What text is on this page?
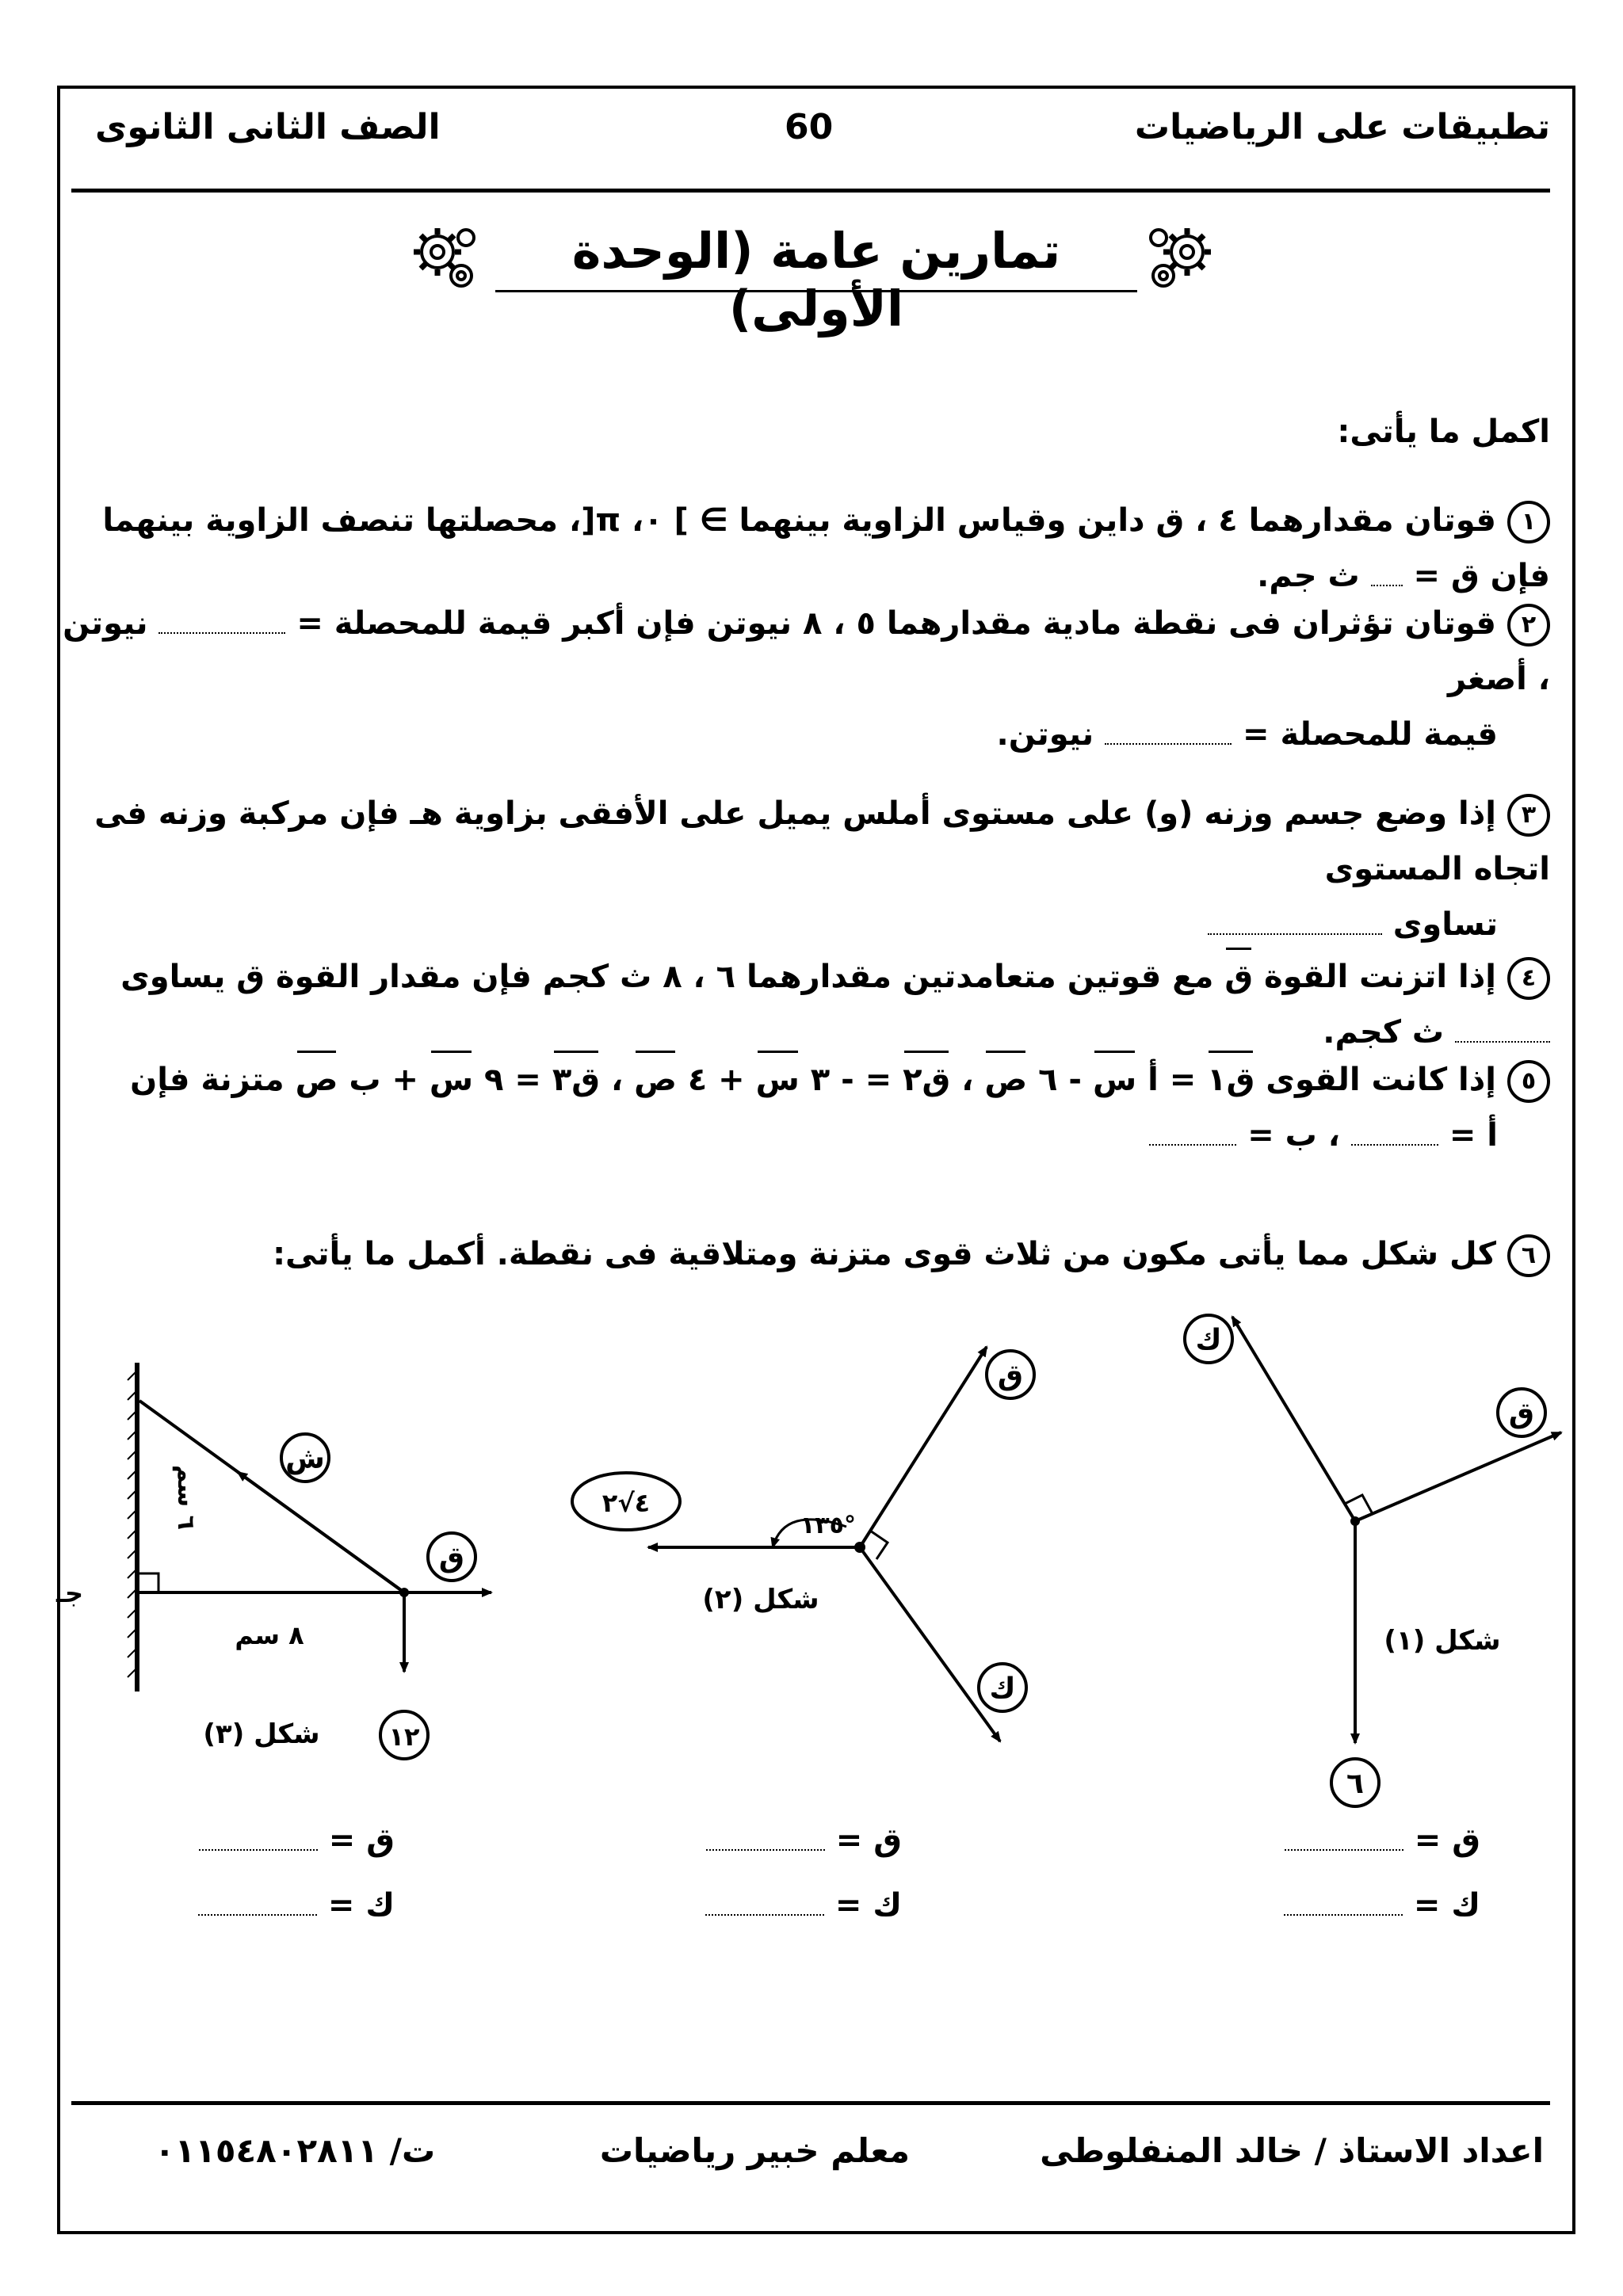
تطبيقات على الرياضيات
60
الصف الثانى الثانوى
تمارين عامة (الوحدة الأولى)
اكمل ما يأتى:
١قوتان مقدارهما ٤ ، ق داين وقياس الزاوية بينهما ∋ ] ٠، π[، محصلتها تنصف الزاوية بينهما فإن ق =  ث جم.
٢قوتان تؤثران فى نقطة مادية مقدارهما ٥ ، ٨ نيوتن فإن أكبر قيمة للمحصلة =  نيوتن ، أصغر
قيمة للمحصلة =  نيوتن.
٣إذا وضع جسم وزنه (و) على مستوى أملس يميل على الأفقى بزاوية هـ فإن مركبة وزنه فى اتجاه المستوى
تساوى
٤إذا اتزنت القوة ق مع قوتين متعامدتين مقدارهما ٦ ، ٨ ث كجم فإن مقدار القوة ق يساوى  ث كجم.
٥إذا كانت القوى ق١ = أ س - ٦ ص ، ق٢ = - ٣ س + ٤ ص ، ق٣ = ٩ س + ب ص متزنة فإن
أ =  ، ب =
٦كل شكل مما يأتى مكون من ثلاث قوى متزنة ومتلاقية فى نقطة. أكمل ما يأتى:
ك
ق
٦
شكل (١)
١٣٥°
ق
٤√٢
ك
شكل (٢)
ش
ق
١٢
٦ سم
٨ سم
جـ
شكل (٣)
ق =
ك =
ق =
ك =
ق =
ك =
اعداد الاستاذ / خالد المنفلوطى
معلم خبير رياضيات
ت/ ٠١١٥٤٨٠٢٨١١
